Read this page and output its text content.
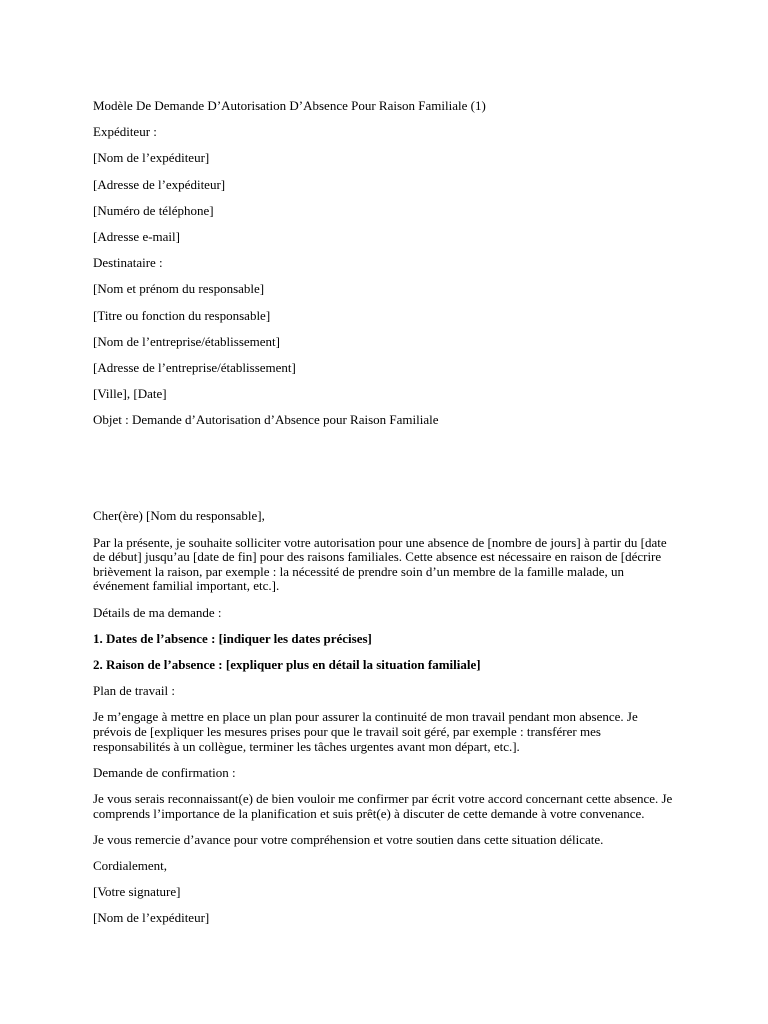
Modèle De Demande D’Autorisation D’Absence Pour Raison Familiale (1)

Expéditeur :

[Nom de l’expéditeur]

[Adresse de l’expéditeur]

[Numéro de téléphone]

[Adresse e-mail]

Destinataire :

[Nom et prénom du responsable]

[Titre ou fonction du responsable]

[Nom de l’entreprise/établissement]

[Adresse de l’entreprise/établissement]

[Ville], [Date]

Objet : Demande d’Autorisation d’Absence pour Raison Familiale

Cher(ère) [Nom du responsable],

Par la présente, je souhaite solliciter votre autorisation pour une absence de [nombre de jours] à partir du [date de début] jusqu’au [date de fin] pour des raisons familiales. Cette absence est nécessaire en raison de [décrire brièvement la raison, par exemple : la nécessité de prendre soin d’un membre de la famille malade, un événement familial important, etc.].

Détails de ma demande :

1. Dates de l’absence : [indiquer les dates précises]

2. Raison de l’absence : [expliquer plus en détail la situation familiale]

Plan de travail :

Je m’engage à mettre en place un plan pour assurer la continuité de mon travail pendant mon absence. Je prévois de [expliquer les mesures prises pour que le travail soit géré, par exemple : transférer mes responsabilités à un collègue, terminer les tâches urgentes avant mon départ, etc.].

Demande de confirmation :

Je vous serais reconnaissant(e) de bien vouloir me confirmer par écrit votre accord concernant cette absence. Je comprends l’importance de la planification et suis prêt(e) à discuter de cette demande à votre convenance.

Je vous remercie d’avance pour votre compréhension et votre soutien dans cette situation délicate.

Cordialement,

[Votre signature]

[Nom de l’expéditeur]
